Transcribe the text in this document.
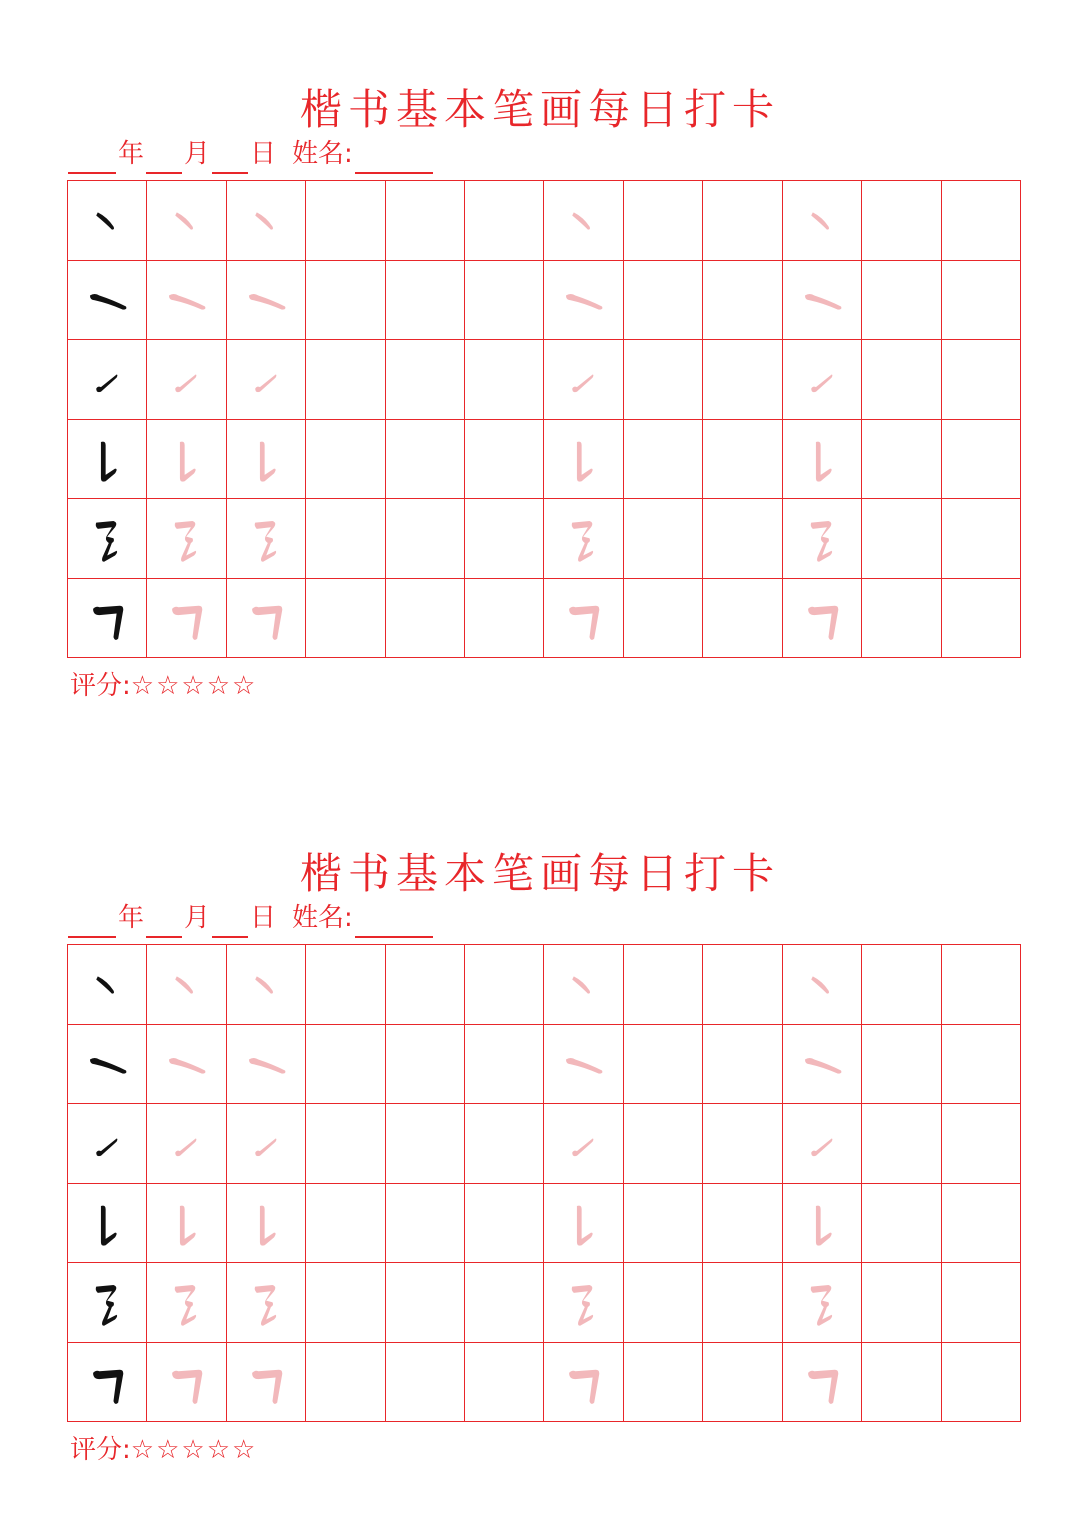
楷书基本笔画每日打卡
年 月 日 姓名:
评分:☆☆☆☆☆
楷书基本笔画每日打卡
年 月 日 姓名:
评分:☆☆☆☆☆
